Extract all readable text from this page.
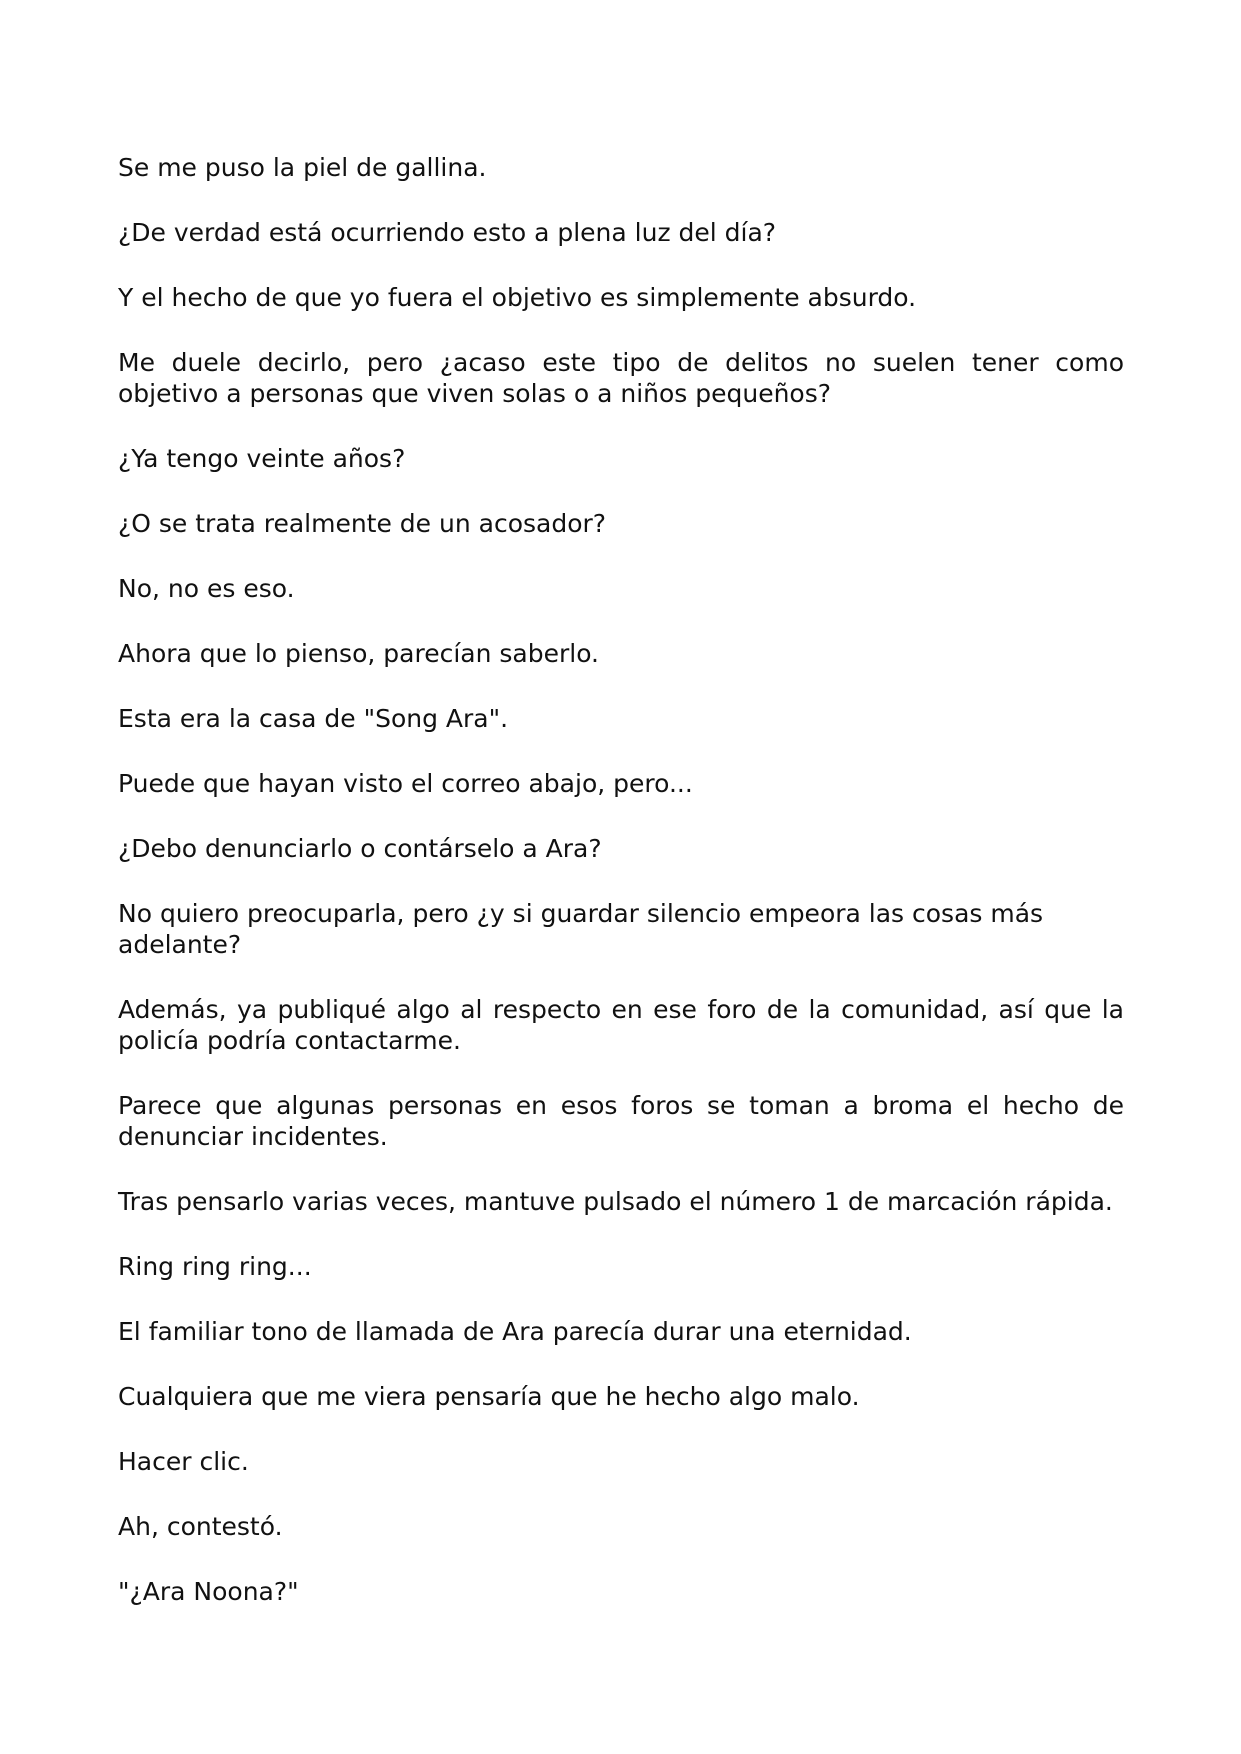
Se me puso la piel de gallina.

¿De verdad está ocurriendo esto a plena luz del día?

Y el hecho de que yo fuera el objetivo es simplemente absurdo.

Me duele decirlo, pero ¿acaso este tipo de delitos no suelen tener como objetivo a personas que viven solas o a niños pequeños?

¿Ya tengo veinte años?

¿O se trata realmente de un acosador?

No, no es eso.

Ahora que lo pienso, parecían saberlo.

Esta era la casa de "Song Ara".

Puede que hayan visto el correo abajo, pero...

¿Debo denunciarlo o contárselo a Ara?

No quiero preocuparla, pero ¿y si guardar silencio empeora las cosas más adelante?

Además, ya publiqué algo al respecto en ese foro de la comunidad, así que la policía podría contactarme.

Parece que algunas personas en esos foros se toman a broma el hecho de denunciar incidentes.

Tras pensarlo varias veces, mantuve pulsado el número 1 de marcación rápida.

Ring ring ring...

El familiar tono de llamada de Ara parecía durar una eternidad.

Cualquiera que me viera pensaría que he hecho algo malo.

Hacer clic.

Ah, contestó.

"¿Ara Noona?"
